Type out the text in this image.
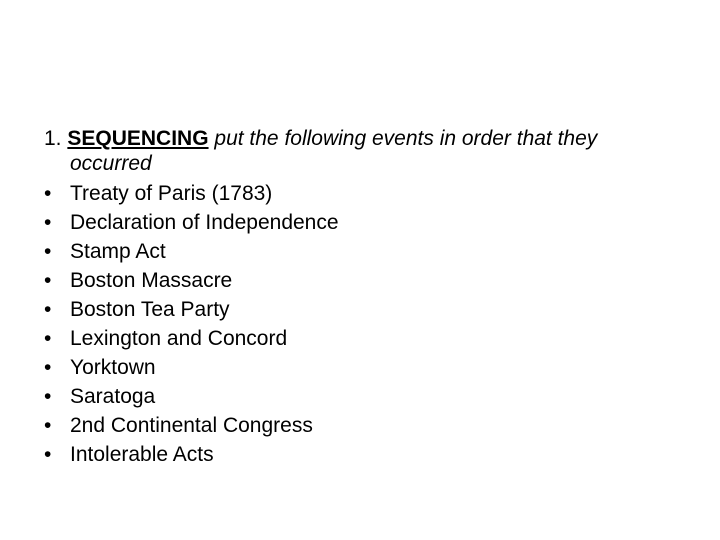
1. SEQUENCING put the following events in order that they
occurred
• Treaty of Paris (1783)
• Declaration of Independence
• Stamp Act
• Boston Massacre
• Boston Tea Party
• Lexington and Concord
• Yorktown
• Saratoga
• 2nd Continental Congress
• Intolerable Acts
